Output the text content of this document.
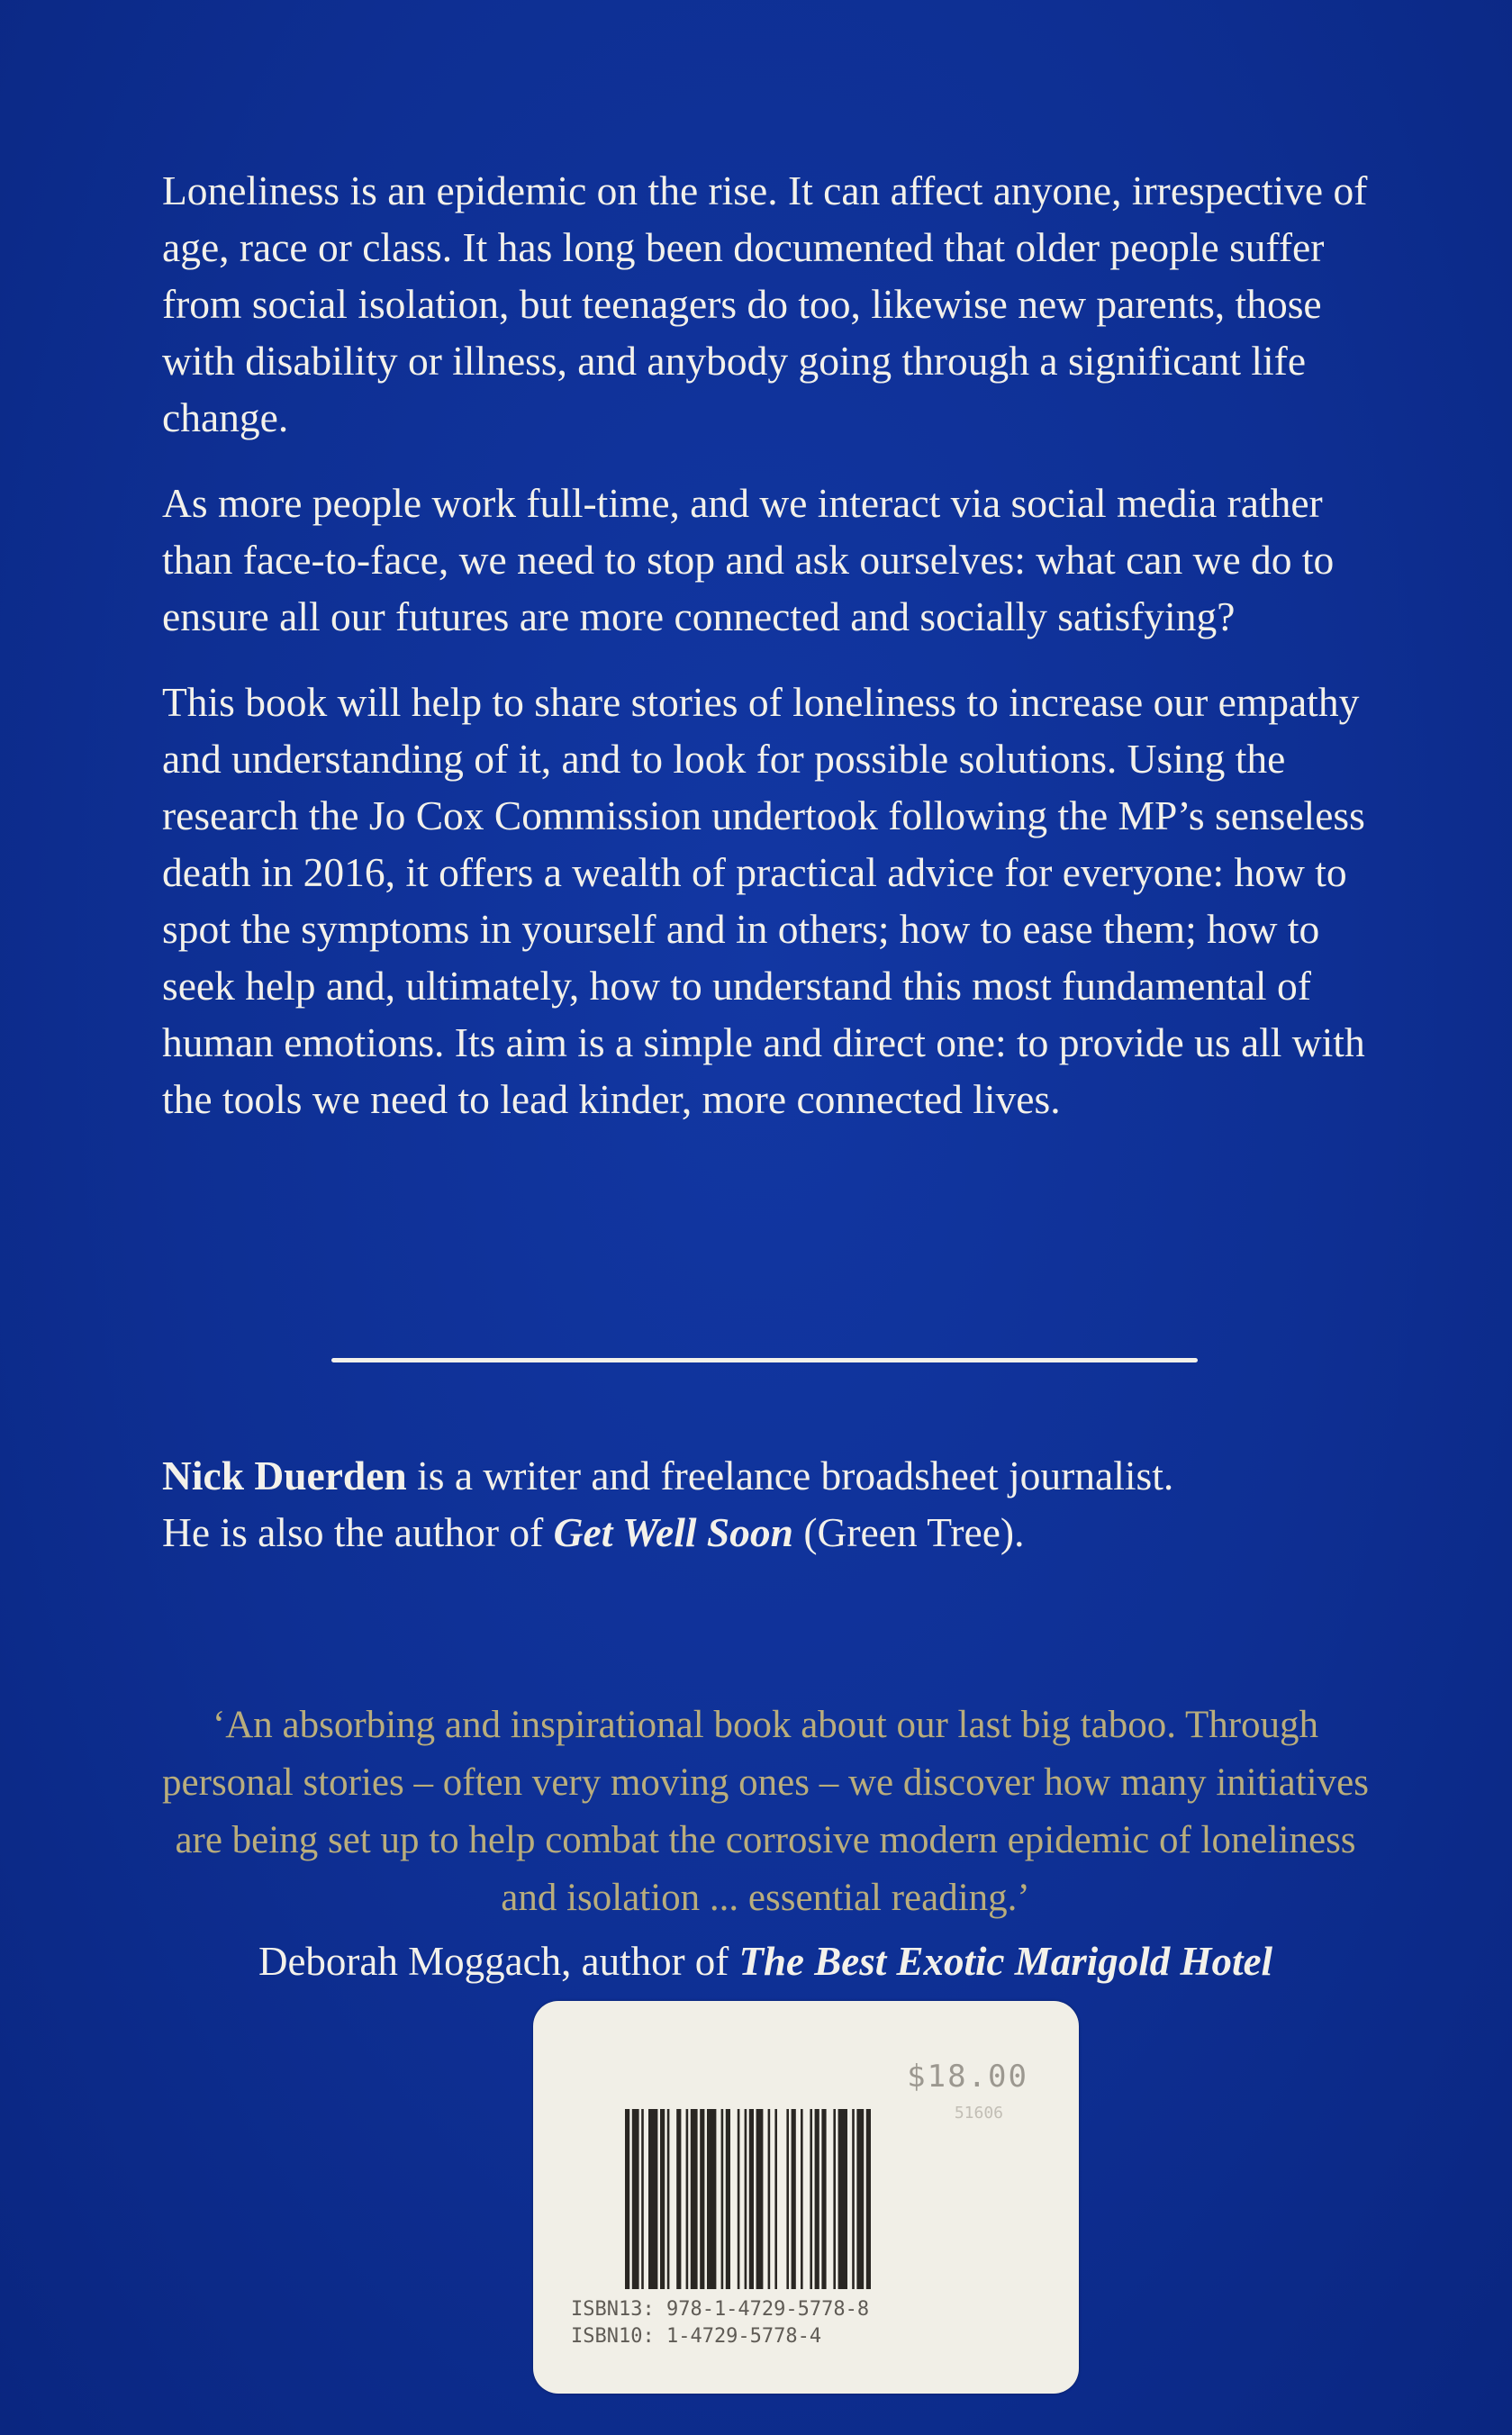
Loneliness is an epidemic on the rise. It can affect anyone, irrespective of age, race or class. It has long been documented that older people suffer from social isolation, but teenagers do too, likewise new parents, those with disability or illness, and anybody going through a significant life change.

As more people work full-time, and we interact via social media rather than face-to-face, we need to stop and ask ourselves: what can we do to ensure all our futures are more connected and socially satisfying?

This book will help to share stories of loneliness to increase our empathy and understanding of it, and to look for possible solutions. Using the research the Jo Cox Commission undertook following the MP’s senseless death in 2016, it offers a wealth of practical advice for everyone: how to spot the symptoms in yourself and in others; how to ease them; how to seek help and, ultimately, how to understand this most fundamental of human emotions. Its aim is a simple and direct one: to provide us all with the tools we need to lead kinder, more connected lives.

Nick Duerden is a writer and freelance broadsheet journalist.

He is also the author of Get Well Soon (Green Tree).

‘An absorbing and inspirational book about our last big taboo. Through personal stories – often very moving ones – we discover how many initiatives are being set up to help combat the corrosive modern epidemic of loneliness and isolation ... essential reading.’

Deborah Moggach, author of The Best Exotic Marigold Hotel
$18.00
51606
ISBN13: 978-1-4729-5778-8
ISBN10: 1-4729-5778-4
